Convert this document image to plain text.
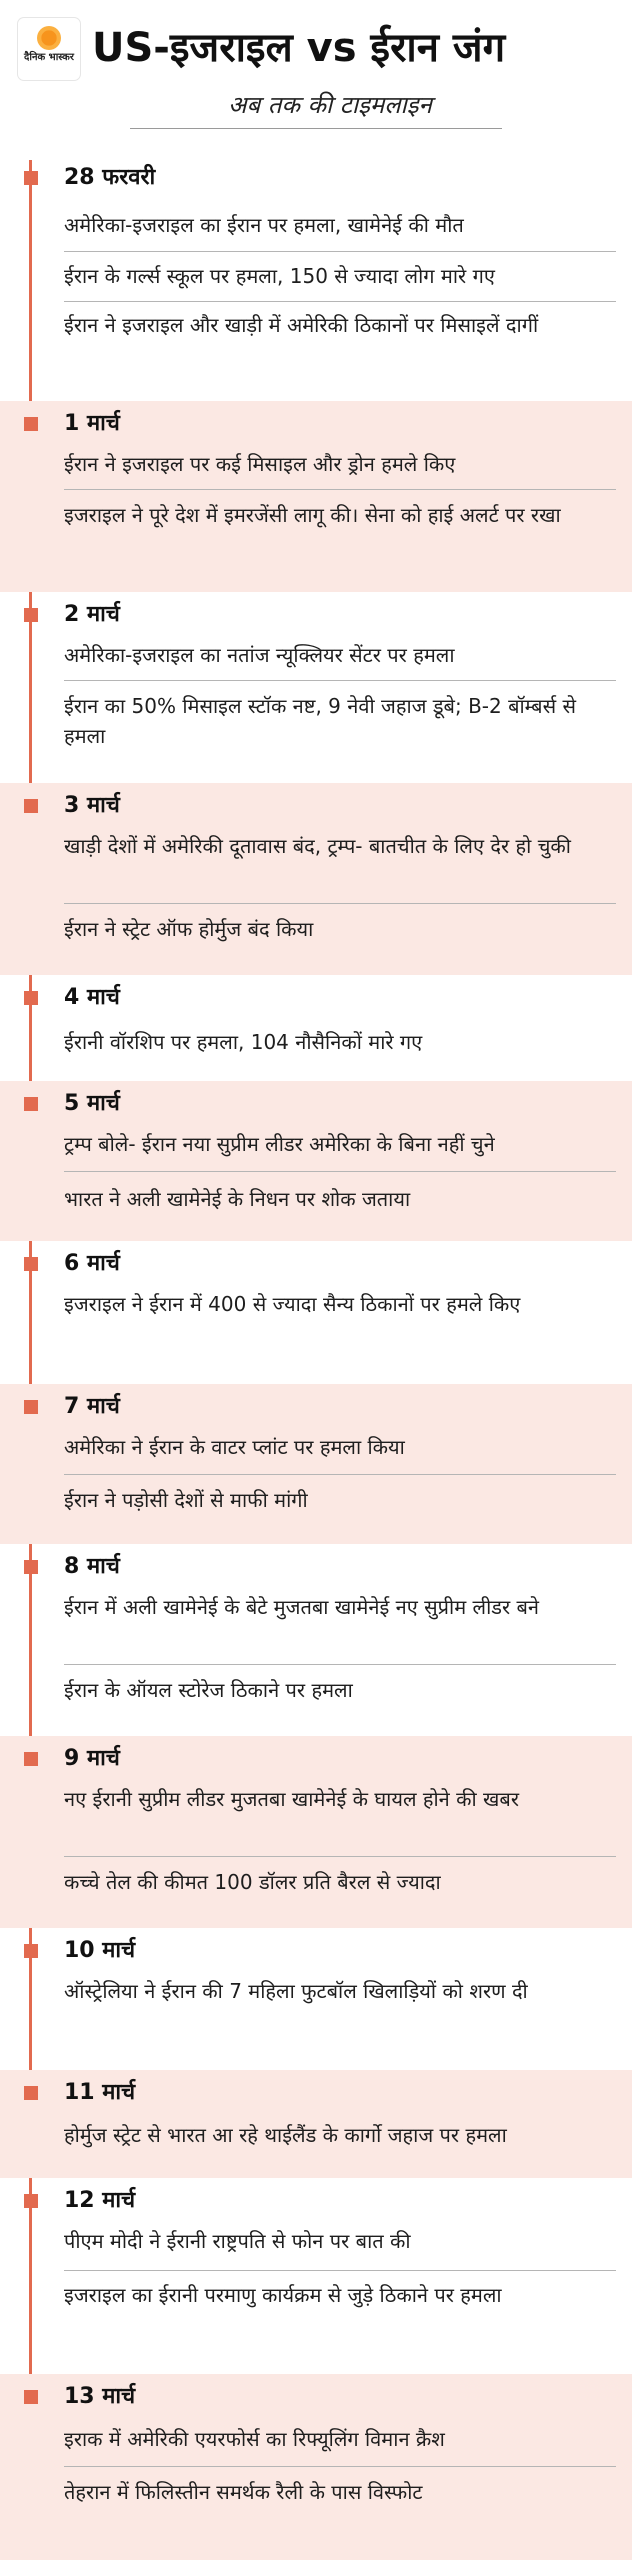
दैनिक भास्कर US-इजराइल vs ईरान जंग
अब तक की टाइमलाइन
28 फरवरी
अमेरिका-इजराइल का ईरान पर हमला, खामेनेई की मौत
ईरान के गर्ल्स स्कूल पर हमला, 150 से ज्यादा लोग मारे गए
ईरान ने इजराइल और खाड़ी में अमेरिकी ठिकानों पर मिसाइलें दागीं
1 मार्च
ईरान ने इजराइल पर कई मिसाइल और ड्रोन हमले किए
इजराइल ने पूरे देश में इमरजेंसी लागू की। सेना को हाई अलर्ट पर रखा
2 मार्च
अमेरिका-इजराइल का नतांज न्यूक्लियर सेंटर पर हमला
ईरान का 50% मिसाइल स्टॉक नष्ट, 9 नेवी जहाज डूबे; B-2 बॉम्बर्स से हमला
3 मार्च
खाड़ी देशों में अमेरिकी दूतावास बंद, ट्रम्प- बातचीत के लिए देर हो चुकी
ईरान ने स्ट्रेट ऑफ होर्मुज बंद किया
4 मार्च
ईरानी वॉरशिप पर हमला, 104 नौसैनिकों मारे गए
5 मार्च
ट्रम्प बोले- ईरान नया सुप्रीम लीडर अमेरिका के बिना नहीं चुने
भारत ने अली खामेनेई के निधन पर शोक जताया
6 मार्च
इजराइल ने ईरान में 400 से ज्यादा सैन्य ठिकानों पर हमले किए
7 मार्च
अमेरिका ने ईरान के वाटर प्लांट पर हमला किया
ईरान ने पड़ोसी देशों से माफी मांगी
8 मार्च
ईरान में अली खामेनेई के बेटे मुजतबा खामेनेई नए सुप्रीम लीडर बने
ईरान के ऑयल स्टोरेज ठिकाने पर हमला
9 मार्च
नए ईरानी सुप्रीम लीडर मुजतबा खामेनेई के घायल होने की खबर
कच्चे तेल की कीमत 100 डॉलर प्रति बैरल से ज्यादा
10 मार्च
ऑस्ट्रेलिया ने ईरान की 7 महिला फुटबॉल खिलाड़ियों को शरण दी
11 मार्च
होर्मुज स्ट्रेट से भारत आ रहे थाईलैंड के कार्गो जहाज पर हमला
12 मार्च
पीएम मोदी ने ईरानी राष्ट्रपति से फोन पर बात की
इजराइल का ईरानी परमाणु कार्यक्रम से जुड़े ठिकाने पर हमला
13 मार्च
इराक में अमेरिकी एयरफोर्स का रिफ्यूलिंग विमान क्रैश
तेहरान में फिलिस्तीन समर्थक रैली के पास विस्फोट
